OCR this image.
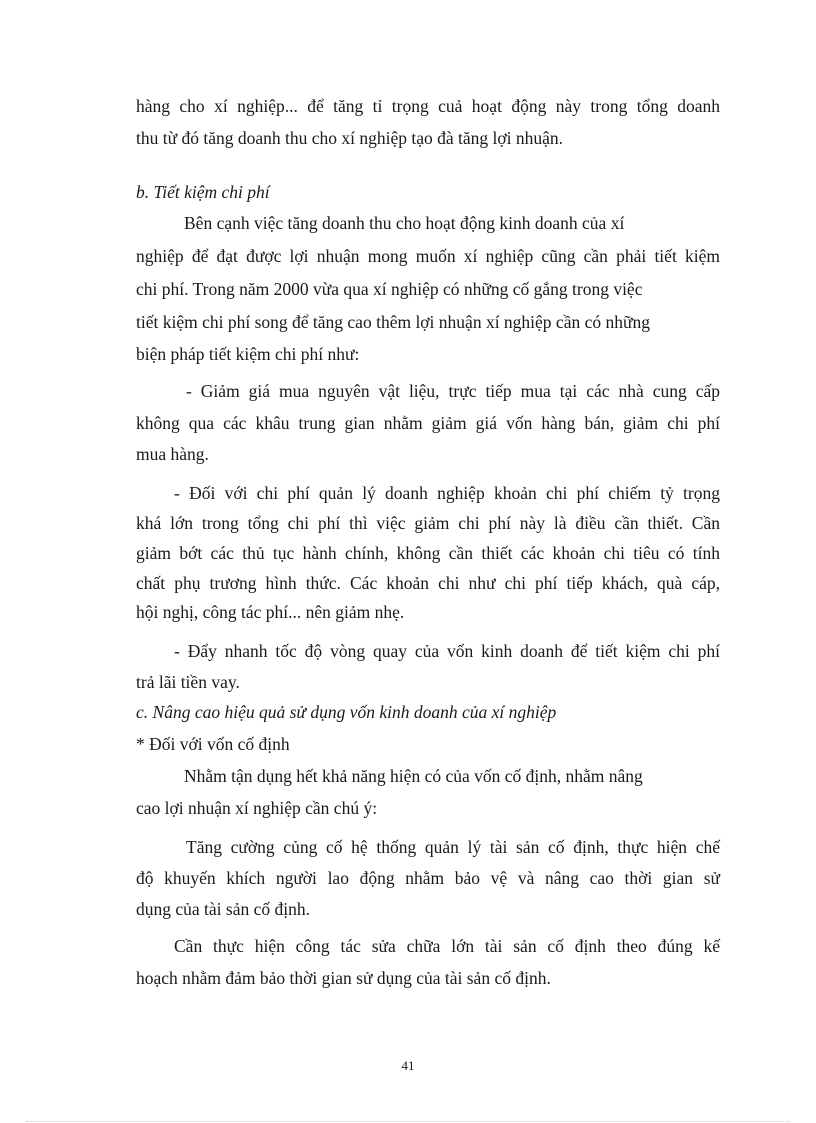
hàng cho xí nghiệp... để tăng tỉ trọng cuả hoạt động này trong tổng doanh

thu từ đó tăng doanh thu cho xí nghiệp tạo đà tăng lợi nhuận.

b. Tiết kiệm chi phí

Bên cạnh việc tăng doanh thu cho hoạt động kinh doanh của xí

nghiệp để đạt được lợi nhuận mong muốn xí nghiệp cũng cần phải tiết kiệm

chi phí. Trong năm 2000 vừa qua xí nghiệp có những cố gắng trong việc

tiết kiệm chi phí song để tăng cao thêm lợi nhuận xí nghiệp cần có những

biện pháp tiết kiệm chi phí như:

- Giảm giá mua nguyên vật liệu, trực tiếp mua tại các nhà cung cấp

không qua các khâu trung gian nhằm giảm giá vốn hàng bán, giảm chi phí

mua hàng.

- Đối với chi phí quản lý doanh nghiệp khoản chi phí chiếm tỷ trọng

khá lớn trong tổng chi phí thì việc giảm chi phí này là điều cần thiết. Cần

giảm bớt các thủ tục hành chính, không cần thiết các khoản chi tiêu có tính

chất phụ trương hình thức. Các khoản chi như chi phí tiếp khách, quà cáp,

hội nghị, công tác phí... nên giảm nhẹ.

- Đẩy nhanh tốc độ vòng quay của vốn kinh doanh để tiết kiệm chi phí

trả lãi tiền vay.

c. Nâng cao hiệu quả sử dụng vốn kinh doanh của xí nghiệp

* Đối với vốn cố định

Nhằm tận dụng hết khả năng hiện có của vốn cố định, nhằm nâng

cao lợi nhuận xí nghiệp cần chú ý:

Tăng cường củng cố hệ thống quản lý tài sản cố định, thực hiện chế

độ khuyến khích người lao động nhằm bảo vệ và nâng cao thời gian sử

dụng của tài sản cố định.

Cần thực hiện công tác sửa chữa lớn tài sản cố định theo đúng kế

hoạch nhằm đảm bảo thời gian sử dụng của tài sản cố định.

41
